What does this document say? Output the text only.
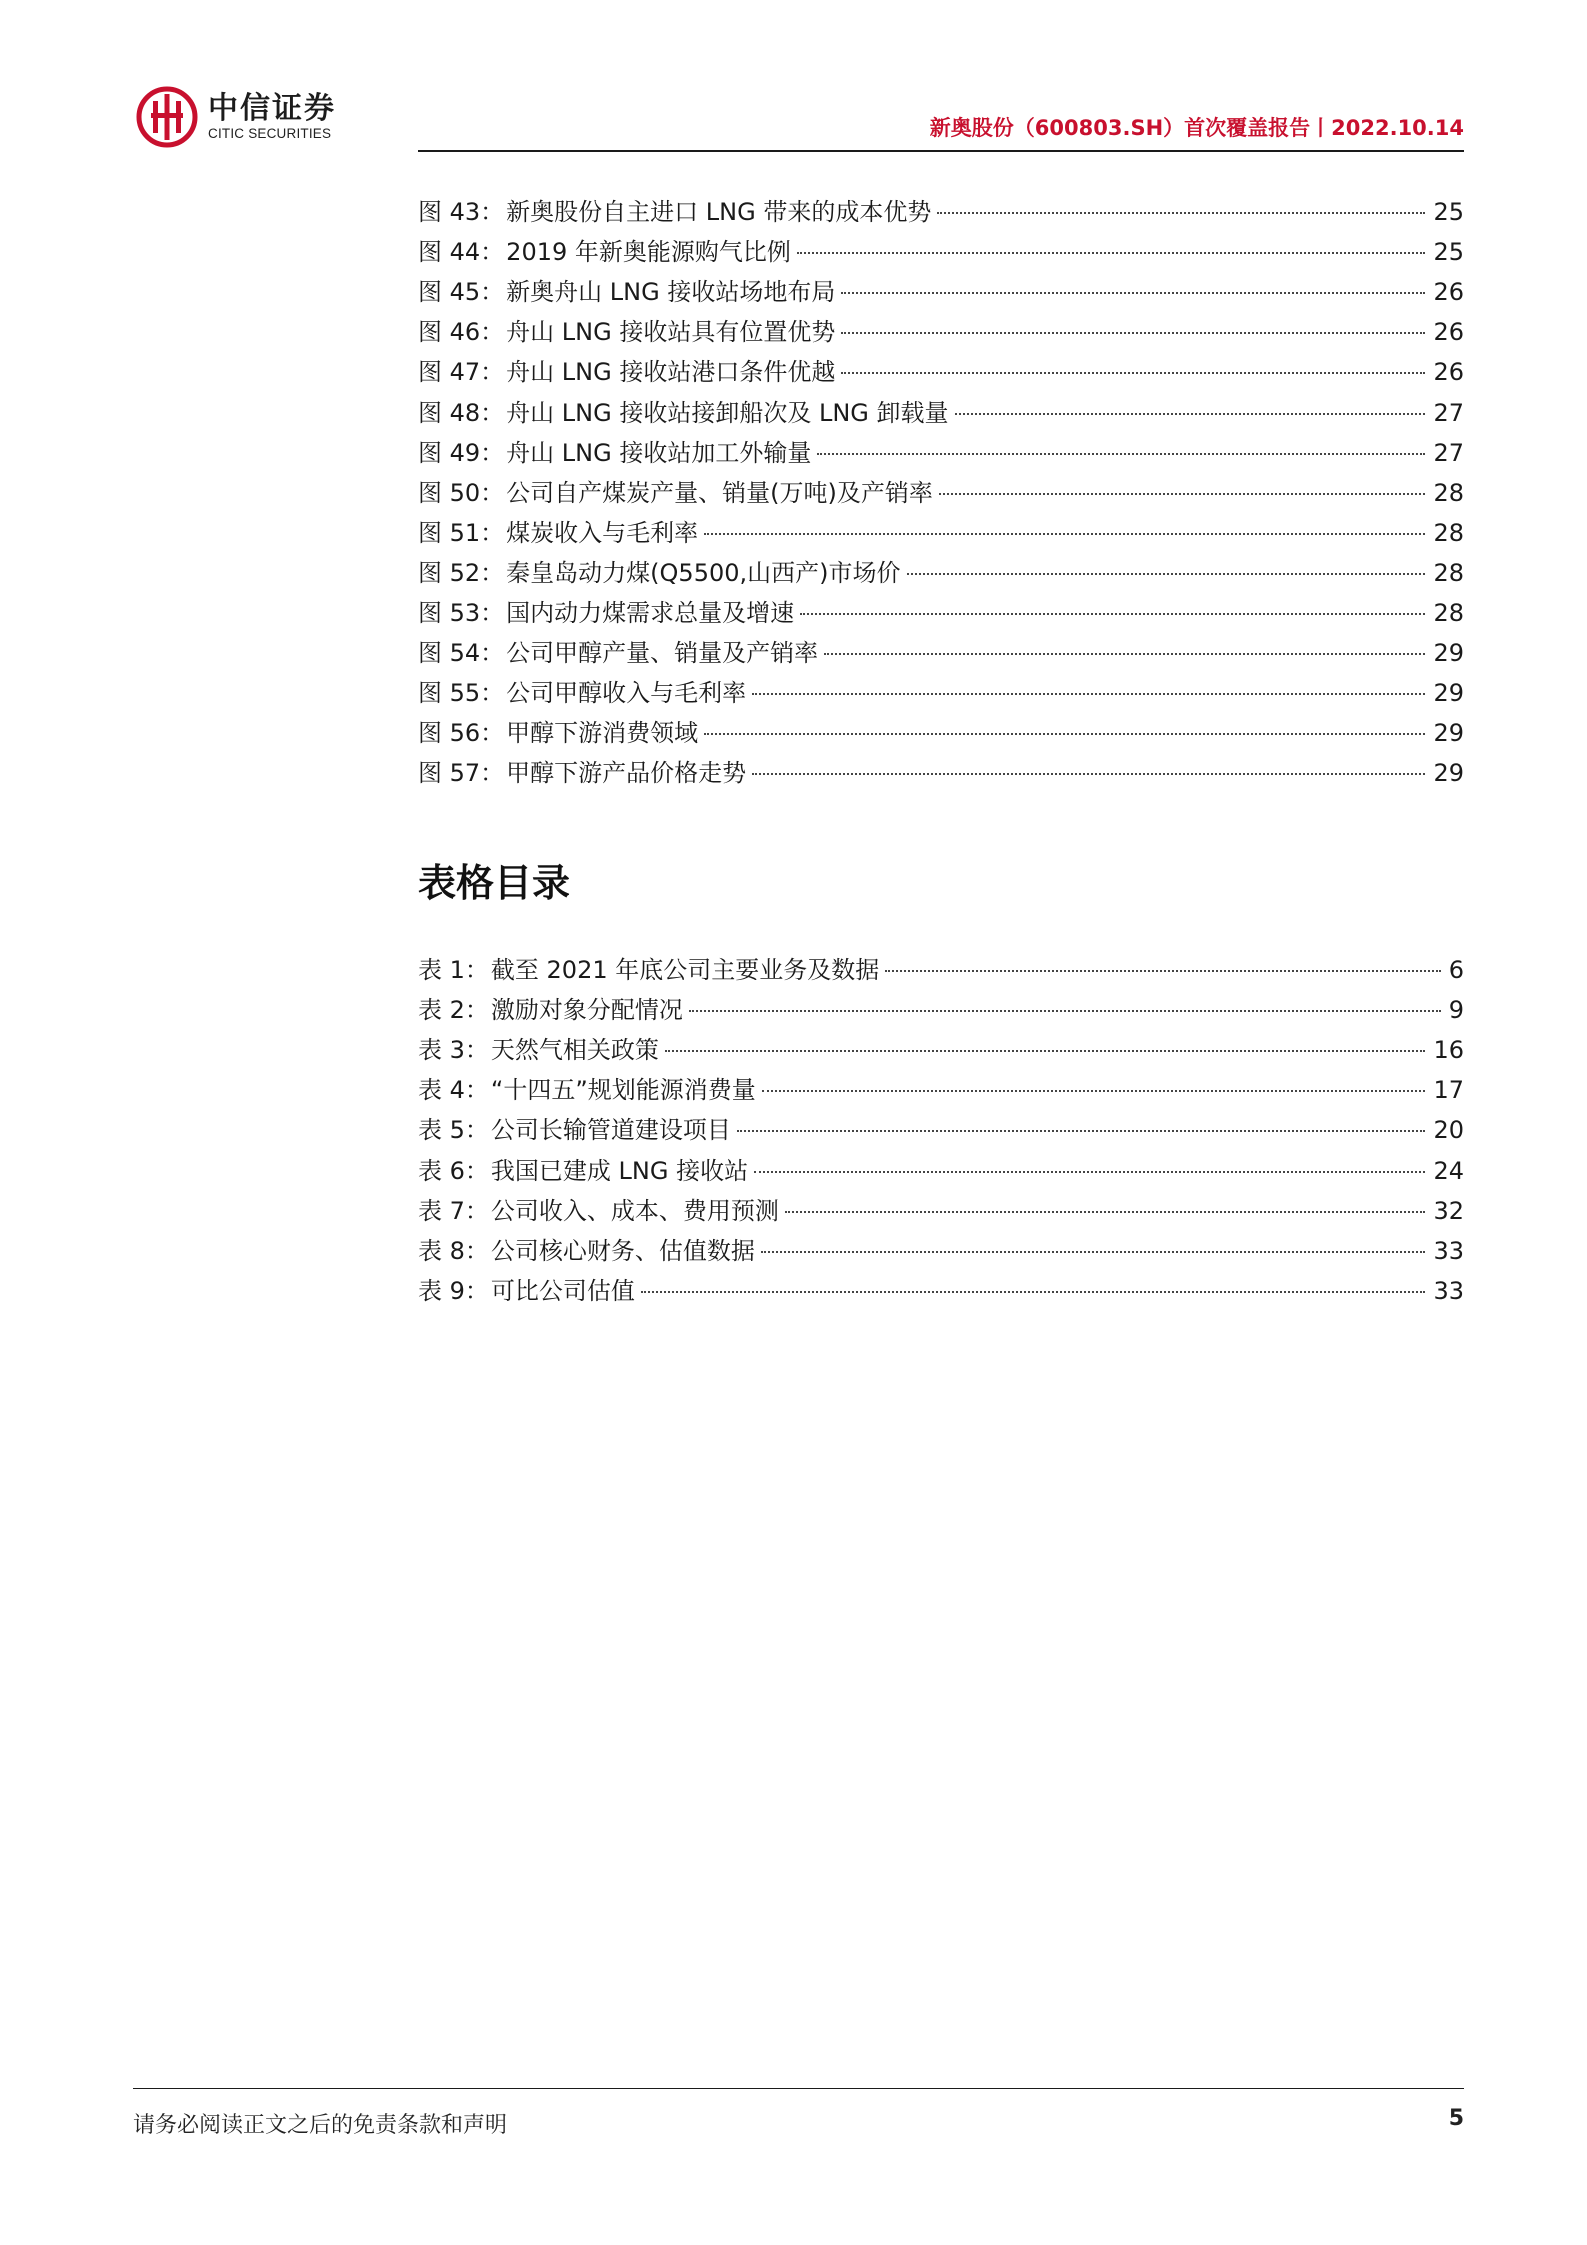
中信证券
CITIC SECURITIES	新奥股份（600803.SH）首次覆盖报告丨2022.10.14
图 43： 新奥股份自主进口 LNG 带来的成本优势	25
图 44： 2019 年新奥能源购气比例	25
图 45： 新奥舟山 LNG 接收站场地布局	26
图 46： 舟山 LNG 接收站具有位置优势	26
图 47： 舟山 LNG 接收站港口条件优越	26
图 48： 舟山 LNG 接收站接卸船次及 LNG 卸载量	27
图 49： 舟山 LNG 接收站加工外输量	27
图 50： 公司自产煤炭产量、销量(万吨)及产销率	28
图 51： 煤炭收入与毛利率	28
图 52： 秦皇岛动力煤(Q5500,山西产)市场价	28
图 53： 国内动力煤需求总量及增速	28
图 54： 公司甲醇产量、销量及产销率	29
图 55： 公司甲醇收入与毛利率	29
图 56： 甲醇下游消费领域	29
图 57： 甲醇下游产品价格走势	29
表格目录
表 1： 截至 2021 年底公司主要业务及数据	6
表 2： 激励对象分配情况	9
表 3： 天然气相关政策	16
表 4： “十四五”规划能源消费量	17
表 5： 公司长输管道建设项目	20
表 6： 我国已建成 LNG 接收站	24
表 7： 公司收入、成本、费用预测	32
表 8： 公司核心财务、估值数据	33
表 9： 可比公司估值	33
请务必阅读正文之后的免责条款和声明	5
